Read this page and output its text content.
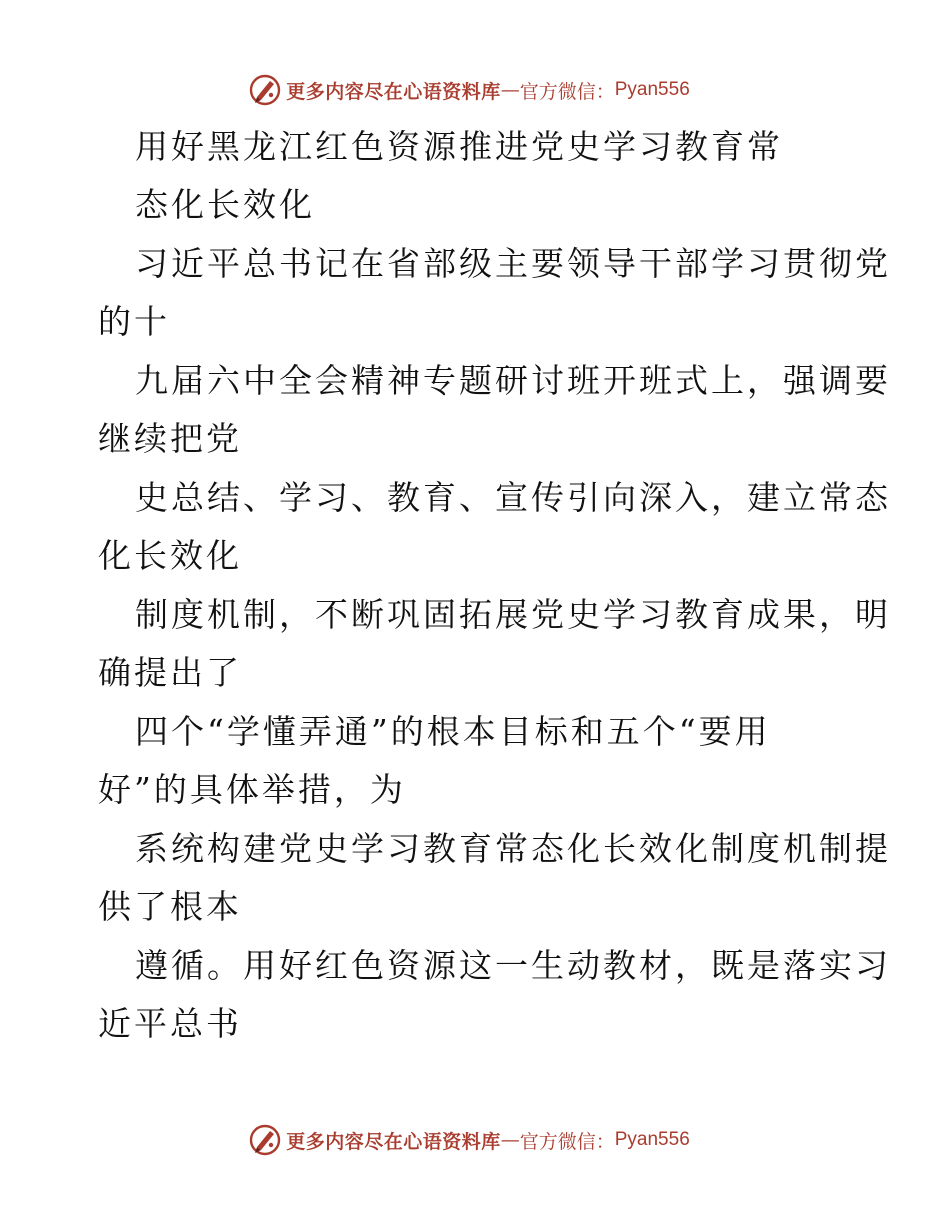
更多内容尽在心语资料库 — 官方微信： Pyan556
用好黑龙江红色资源推进党史学习教育常
态化长效化
习近平总书记在省部级主要领导干部学习贯彻党
的十
九届六中全会精神专题研讨班开班式上，强调要
继续把党
史总结、学习、教育、宣传引向深入，建立常态
化长效化
制度机制，不断巩固拓展党史学习教育成果，明
确提出了
四个“学懂弄通”的根本目标和五个“要用
好”的具体举措，为
系统构建党史学习教育常态化长效化制度机制提
供了根本
遵循。用好红色资源这一生动教材，既是落实习
近平总书
更多内容尽在心语资料库 — 官方微信： Pyan556
